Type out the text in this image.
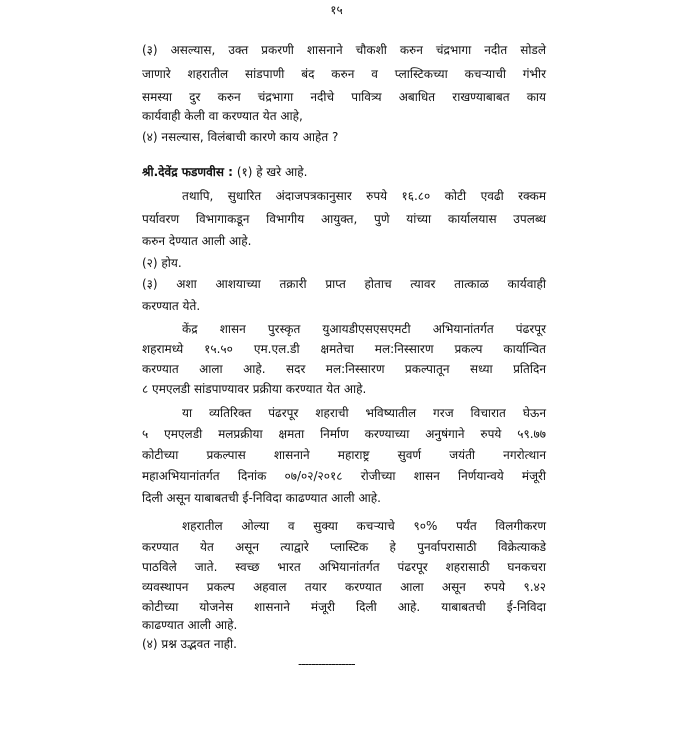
१५
(३) असल्यास, उक्त प्रकरणी शासनाने चौकशी करुन चंद्रभागा नदीत सोडले
जाणारे शहरातील सांडपाणी बंद करुन व प्लास्टिकच्या कचऱ्याची गंभीर
समस्या दुर करुन चंद्रभागा नदीचे पावित्र्य अबाधित राखण्याबाबत काय
कार्यवाही केली वा करण्यात येत आहे,
(४) नसल्यास, विलंबाची कारणे काय आहेत ?
श्री.देवेंद्र फडणवीस : (१) हे खरे आहे.
तथापि, सुधारित अंदाजपत्रकानुसार रुपये १६.८० कोटी एवढी रक्कम
पर्यावरण विभागाकडून विभागीय आयुक्त, पुणे यांच्या कार्यालयास उपलब्ध
करुन देण्यात आली आहे.
(२) होय.
(३) अशा आशयाच्या तक्रारी प्राप्त होताच त्यावर तात्काळ कार्यवाही
करण्यात येते.
केंद्र शासन पुरस्कृत युआयडीएसएसएमटी अभियानांतर्गत पंढरपूर
शहरामध्ये १५.५० एम.एल.डी क्षमतेचा मल:निस्सारण प्रकल्प कार्यान्वित
करण्यात आला आहे. सदर मल:निस्सारण प्रकल्पातून सध्या प्रतिदिन
८ एमएलडी सांडपाण्यावर प्रक्रीया करण्यात येत आहे.
या व्यतिरिक्त पंढरपूर शहराची भविष्यातील गरज विचारात घेऊन
५ एमएलडी मलप्रक्रीया क्षमता निर्माण करण्याच्या अनुषंगाने रुपये ५९.७७
कोटीच्या प्रकल्पास शासनाने महाराष्ट्र सुवर्ण जयंती नगरोत्थान
महाअभियानांतर्गत दिनांक ०७/०२/२०१८ रोजीच्या शासन निर्णयान्वये मंजूरी
दिली असून याबाबतची ई-निविदा काढण्यात आली आहे.
शहरातील ओल्या व सुक्या कचऱ्याचे ९०% पर्यंत विलगीकरण
करण्यात येत असून त्याद्वारे प्लास्टिक हे पुनर्वापरासाठी विक्रेत्याकडे
पाठविले जाते. स्वच्छ भारत अभियानांतर्गत पंढरपूर शहरासाठी घनकचरा
व्यवस्थापन प्रकल्प अहवाल तयार करण्यात आला असून रुपये ९.४२
कोटीच्या योजनेस शासनाने मंजूरी दिली आहे. याबाबतची ई-निविदा
काढण्यात आली आहे.
(४) प्रश्न उद्भवत नाही.
-----------------
